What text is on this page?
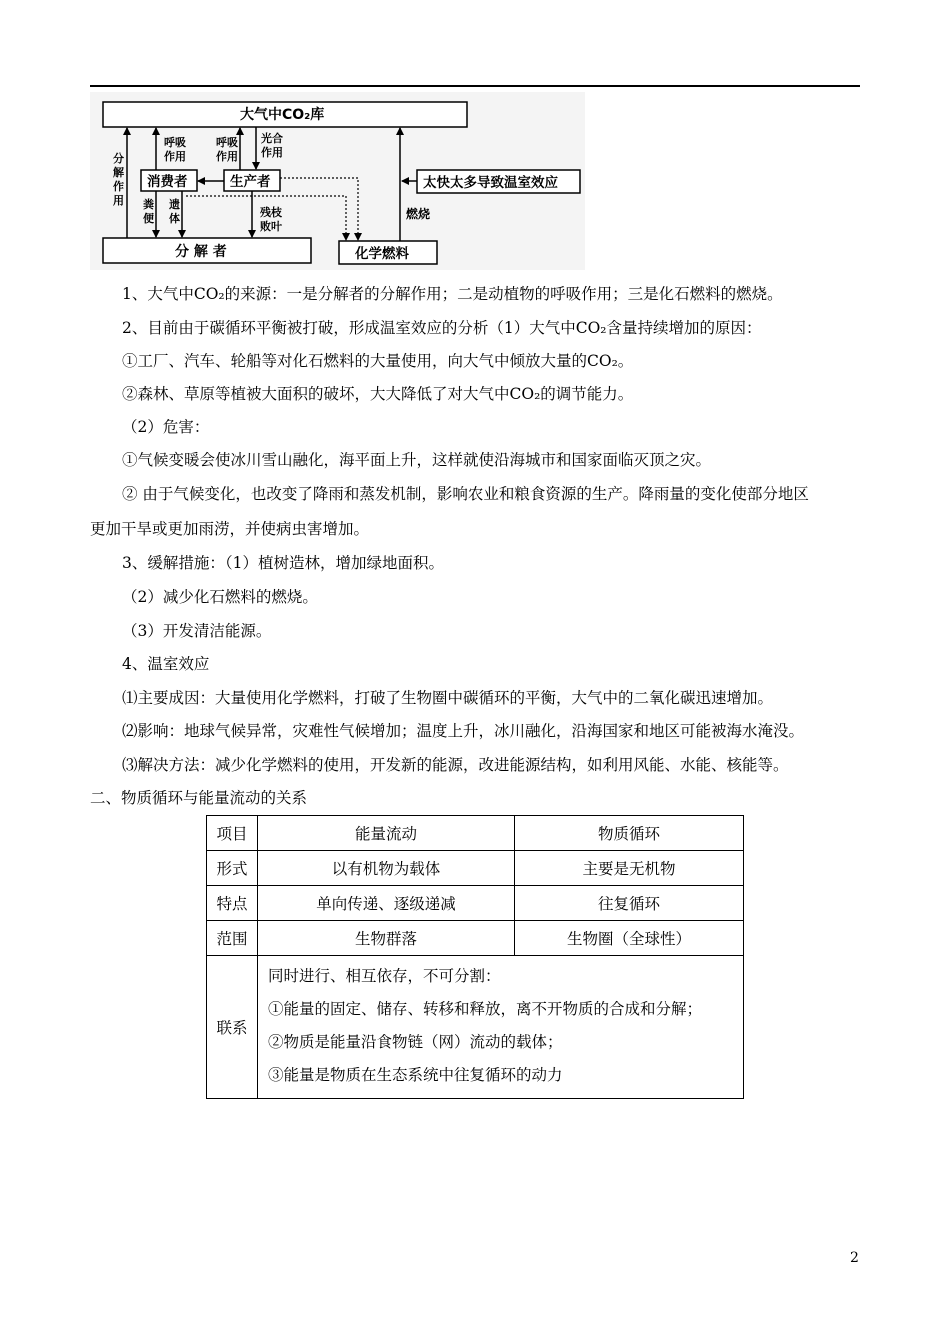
大气中CO₂库
消费者	生产者
分 解 者	化学燃料
太快太多导致温室效应
分
解
作
用
呼吸
作用
呼吸
作用
光合
作用
粪
便
遗
体	残枝
败叶
燃烧
1、大气中CO₂的来源：一是分解者的分解作用；二是动植物的呼吸作用；三是化石燃料的燃烧。
2、目前由于碳循环平衡被打破，形成温室效应的分析（1）大气中CO₂含量持续增加的原因：
①工厂、汽车、轮船等对化石燃料的大量使用，向大气中倾放大量的CO₂。
②森林、草原等植被大面积的破坏，大大降低了对大气中CO₂的调节能力。
（2）危害：
①气候变暖会使冰川雪山融化，海平面上升，这样就使沿海城市和国家面临灭顶之灾。
② 由于气候变化，也改变了降雨和蒸发机制，影响农业和粮食资源的生产。降雨量的变化使部分地区
更加干旱或更加雨涝，并使病虫害增加。
3、缓解措施：（1）植树造林，增加绿地面积。
（2）减少化石燃料的燃烧。
（3）开发清洁能源。
4、温室效应
⑴主要成因：大量使用化学燃料，打破了生物圈中碳循环的平衡，大气中的二氧化碳迅速增加。
⑵影响：地球气候异常，灾难性气候增加；温度上升，冰川融化，沿海国家和地区可能被海水淹没。
⑶解决方法：减少化学燃料的使用，开发新的能源，改进能源结构，如利用风能、水能、核能等。
二、物质循环与能量流动的关系
项目	能量流动	物质循环
形式	以有机物为载体	主要是无机物
特点	单向传递、逐级递减	往复循环
范围	生物群落	生物圈（全球性）
联系	同时进行、相互依存，不可分割：
①能量的固定、储存、转移和释放，离不开物质的合成和分解；
②物质是能量沿食物链（网）流动的载体；
③能量是物质在生态系统中往复循环的动力	
2
